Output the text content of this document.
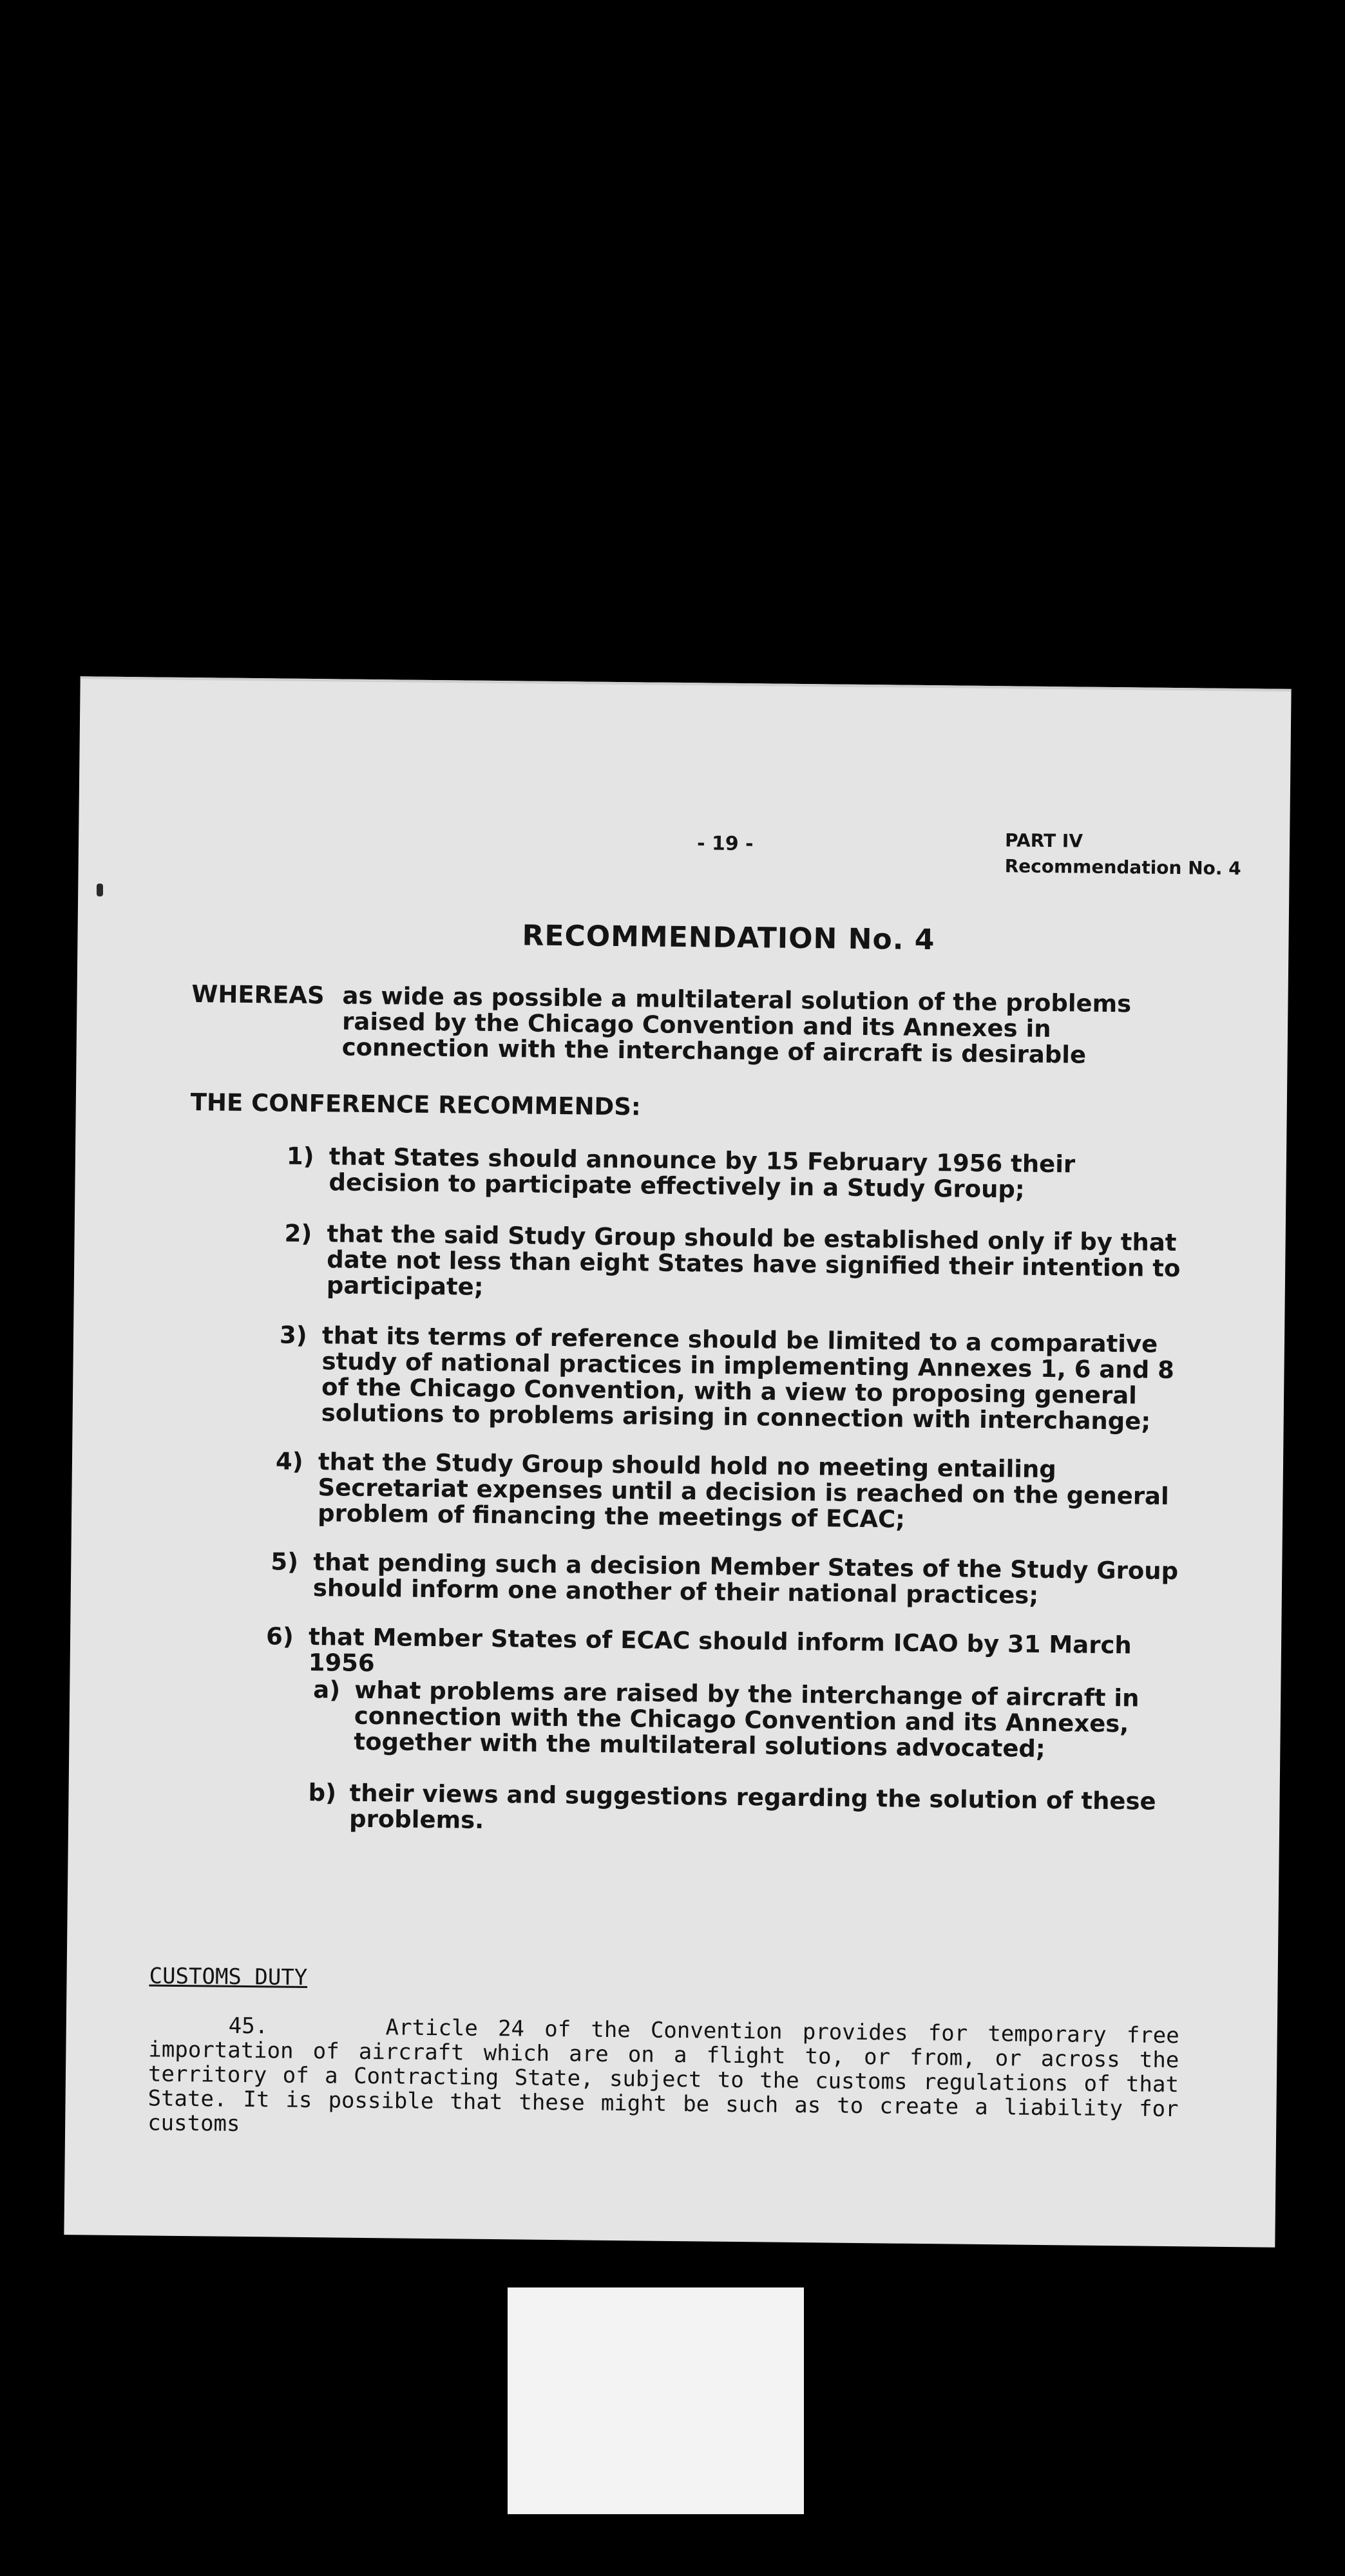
- 19 -	PART IV
Recommendation No. 4
RECOMMENDATION No. 4
WHEREAS as wide as possible a multilateral solution of the problems raised by the Chicago Convention and its Annexes in connection with the interchange of aircraft is desirable
THE CONFERENCE RECOMMENDS:
1) that States should announce by 15 February 1956 their decision to participate effectively in a Study Group;
2) that the said Study Group should be established only if by that date not less than eight States have signified their intention to participate;
3) that its terms of reference should be limited to a comparative study of national practices in implementing Annexes 1, 6 and 8 of the Chicago Convention, with a view to proposing general solutions to problems arising in connection with interchange;
4) that the Study Group should hold no meeting entailing Secretariat expenses until a decision is reached on the general problem of financing the meetings of ECAC;
5) that pending such a decision Member States of the Study Group should inform one another of their national practices;
6) that Member States of ECAC should inform ICAO by 31 March 1956
a) what problems are raised by the interchange of aircraft in connection with the Chicago Convention and its Annexes, together with the multilateral solutions advocated;
b) their views and suggestions regarding the solution of these problems.
CUSTOMS DUTY
45.	Article 24 of the Convention provides for temporary free importation of aircraft which are on a flight to, or from, or across the territory of a Contracting State, subject to the customs regulations of that State. It is possible that these might be such as to create a liability for customs
